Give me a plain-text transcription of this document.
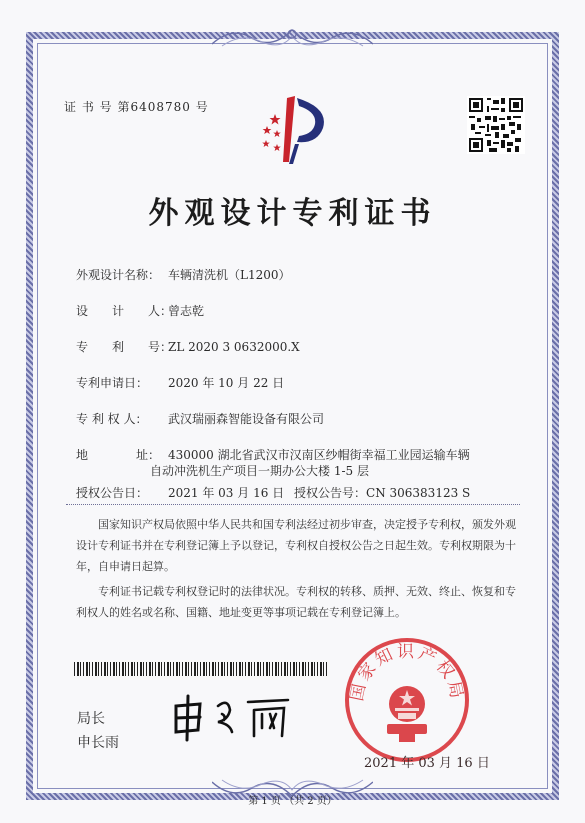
证 书 号 第6408780 号
外观设计专利证书
外观设计名称： 车辆清洗机（L1200）
设　　计　　人：曾志乾
专　　利　　号：ZL 2020 3 0632000.X
专利申请日： 2020 年 10 月 22 日
专 利 权 人： 武汉瑞丽森智能设备有限公司
地　　　　址： 430000 湖北省武汉市汉南区纱帽街幸福工业园运输车辆
自动冲洗机生产项目一期办公大楼 1-5 层
授权公告日： 2021 年 03 月 16 日 授权公告号：CN 306383123 S
国家知识产权局依照中华人民共和国专利法经过初步审查，决定授予专利权，颁发外观设计专利证书并在专利登记簿上予以登记，专利权自授权公告之日起生效。专利权期限为十年，自申请日起算。
专利证书记载专利权登记时的法律状况。专利权的转移、质押、无效、终止、恢复和专利权人的姓名或名称、国籍、地址变更等事项记载在专利登记簿上。
局长
申长雨
国家知识产权局
2021 年 03 月 16 日
第 1 页 （共 2 页）
